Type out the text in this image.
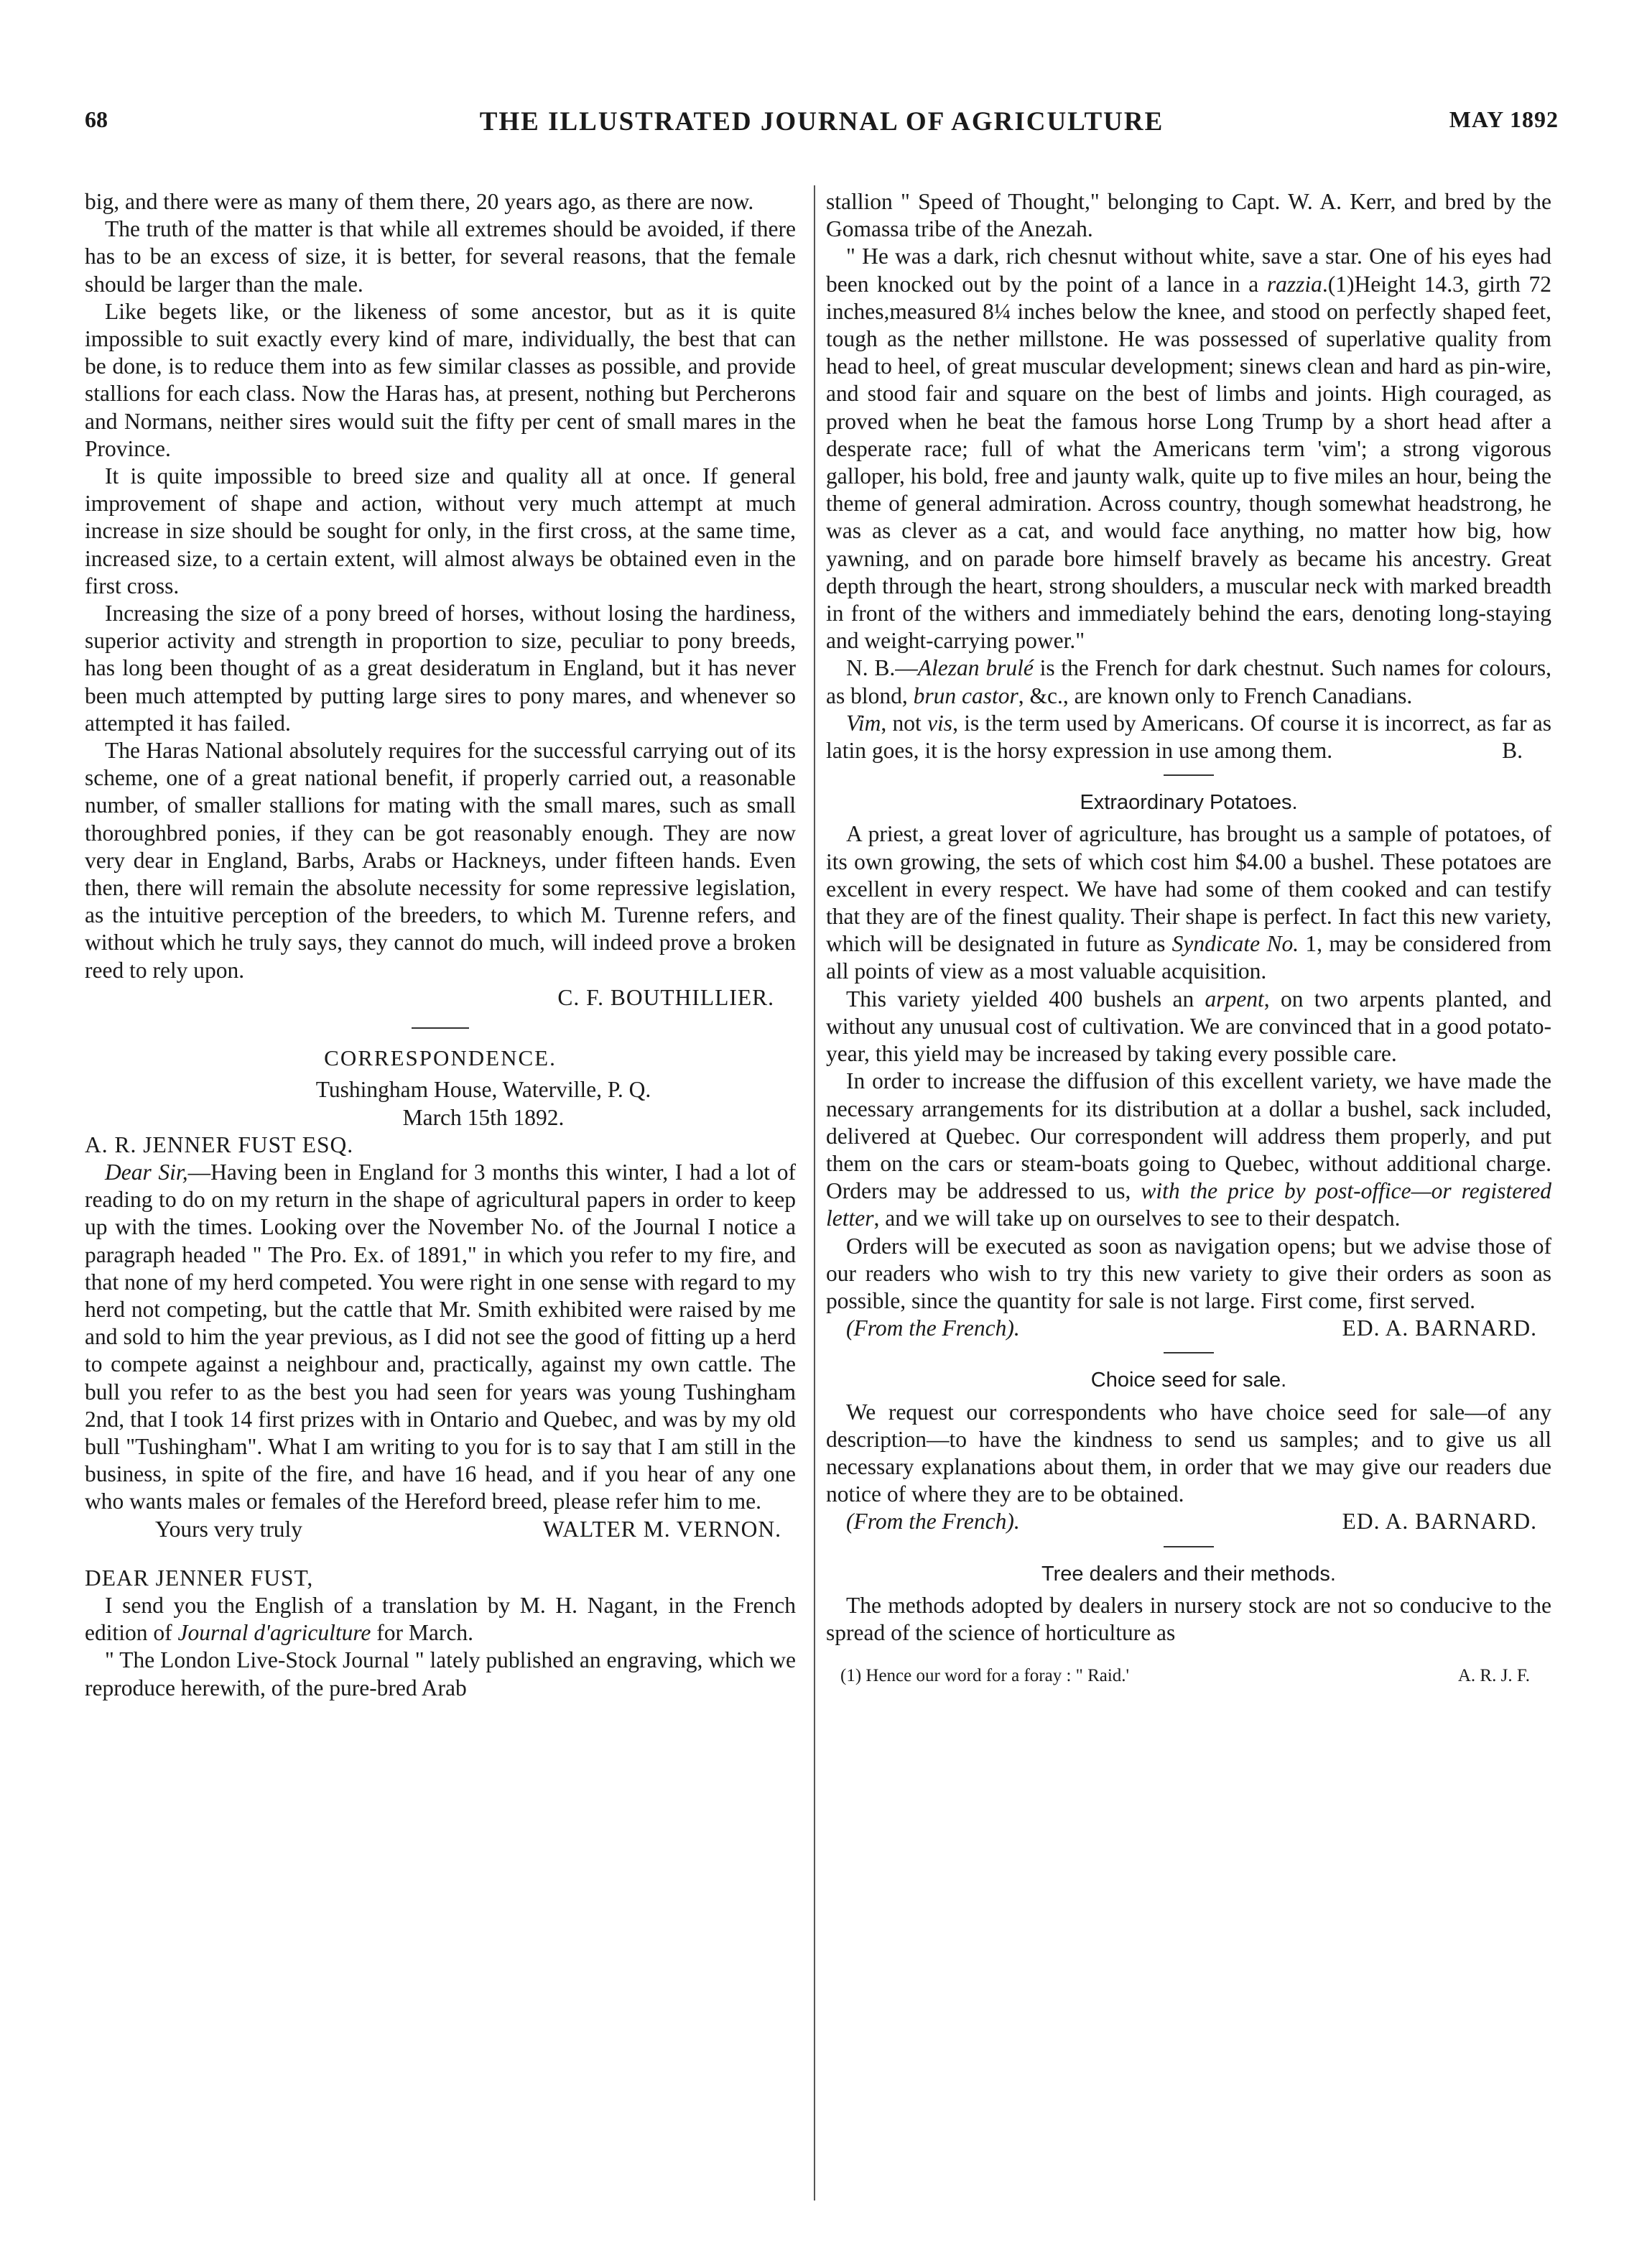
68	THE ILLUSTRATED JOURNAL OF AGRICULTURE	MAY 1892

big, and there were as many of them there, 20 years ago, as there are now.

The truth of the matter is that while all extremes should be avoided, if there has to be an excess of size, it is better, for several reasons, that the female should be larger than the male.

Like begets like, or the likeness of some ancestor, but as it is quite impossible to suit exactly every kind of mare, individually, the best that can be done, is to reduce them into as few similar classes as possible, and provide stallions for each class. Now the Haras has, at present, nothing but Percherons and Normans, neither sires would suit the fifty per cent of small mares in the Province.

It is quite impossible to breed size and quality all at once. If general improvement of shape and action, without very much attempt at much increase in size should be sought for only, in the first cross, at the same time, increased size, to a certain extent, will almost always be obtained even in the first cross.

Increasing the size of a pony breed of horses, without losing the hardiness, superior activity and strength in proportion to size, peculiar to pony breeds, has long been thought of as a great desideratum in England, but it has never been much attempted by putting large sires to pony mares, and whenever so attempted it has failed.

The Haras National absolutely requires for the successful carrying out of its scheme, one of a great national benefit, if properly carried out, a reasonable number, of smaller stallions for mating with the small mares, such as small thoroughbred ponies, if they can be got reasonably enough. They are now very dear in England, Barbs, Arabs or Hackneys, under fifteen hands. Even then, there will remain the absolute necessity for some repressive legislation, as the intuitive perception of the breeders, to which M. Turenne refers, and without which he truly says, they cannot do much, will indeed prove a broken reed to rely upon.

C. F. BOUTHILLIER.
CORRESPONDENCE.
Tushingham House, Waterville, P. Q.
March 15th 1892.

A. R. JENNER FUST ESQ.

Dear Sir,—Having been in England for 3 months this winter, I had a lot of reading to do on my return in the shape of agricultural papers in order to keep up with the times. Looking over the November No. of the Journal I notice a paragraph headed " The Pro. Ex. of 1891," in which you refer to my fire, and that none of my herd competed. You were right in one sense with regard to my herd not competing, but the cattle that Mr. Smith exhibited were raised by me and sold to him the year previous, as I did not see the good of fitting up a herd to compete against a neighbour and, practically, against my own cattle. The bull you refer to as the best you had seen for years was young Tushingham 2nd, that I took 14 first prizes with in Ontario and Quebec, and was by my old bull "Tushingham". What I am writing to you for is to say that I am still in the business, in spite of the fire, and have 16 head, and if you hear of any one who wants males or females of the Hereford breed, please refer him to me.

Yours very truly	WALTER M. VERNON.

DEAR JENNER FUST,

I send you the English of a translation by M. H. Nagant, in the French edition of Journal d'agriculture for March.

" The London Live-Stock Journal " lately published an engraving, which we reproduce herewith, of the pure-bred Arab

stallion " Speed of Thought," belonging to Capt. W. A. Kerr, and bred by the Gomassa tribe of the Anezah.

" He was a dark, rich chesnut without white, save a star. One of his eyes had been knocked out by the point of a lance in a razzia.(1)Height 14.3, girth 72 inches,measured 8¼ inches below the knee, and stood on perfectly shaped feet, tough as the nether millstone. He was possessed of superlative quality from head to heel, of great muscular development; sinews clean and hard as pin-wire, and stood fair and square on the best of limbs and joints. High couraged, as proved when he beat the famous horse Long Trump by a short head after a desperate race; full of what the Americans term 'vim'; a strong vigorous galloper, his bold, free and jaunty walk, quite up to five miles an hour, being the theme of general admiration. Across country, though somewhat headstrong, he was as clever as a cat, and would face anything, no matter how big, how yawning, and on parade bore himself bravely as became his ancestry. Great depth through the heart, strong shoulders, a muscular neck with marked breadth in front of the withers and immediately behind the ears, denoting long-staying and weight-carrying power."

N. B.—Alezan brulé is the French for dark chestnut. Such names for colours, as blond, brun castor, &c., are known only to French Canadians.

Vim, not vis, is the term used by Americans. Of course it is incorrect, as far as latin goes, it is the horsy expression in use among them.	B.

Extraordinary Potatoes.

A priest, a great lover of agriculture, has brought us a sample of potatoes, of its own growing, the sets of which cost him $4.00 a bushel. These potatoes are excellent in every respect. We have had some of them cooked and can testify that they are of the finest quality. Their shape is perfect. In fact this new variety, which will be designated in future as Syndicate No. 1, may be considered from all points of view as a most valuable acquisition.

This variety yielded 400 bushels an arpent, on two arpents planted, and without any unusual cost of cultivation. We are convinced that in a good potato-year, this yield may be increased by taking every possible care.

In order to increase the diffusion of this excellent variety, we have made the necessary arrangements for its distribution at a dollar a bushel, sack included, delivered at Quebec. Our correspondent will address them properly, and put them on the cars or steam-boats going to Quebec, without additional charge. Orders may be addressed to us, with the price by post-office—or registered letter, and we will take up on ourselves to see to their despatch.

Orders will be executed as soon as navigation opens; but we advise those of our readers who wish to try this new variety to give their orders as soon as possible, since the quantity for sale is not large. First come, first served.

(From the French).	ED. A. BARNARD.
Choice seed for sale.

We request our correspondents who have choice seed for sale—of any description—to have the kindness to send us samples; and to give us all necessary explanations about them, in order that we may give our readers due notice of where they are to be obtained.

(From the French).	ED. A. BARNARD.
Tree dealers and their methods.

The methods adopted by dealers in nursery stock are not so conducive to the spread of the science of horticulture as

(1) Hence our word for a foray : " Raid.'	A. R. J. F.
